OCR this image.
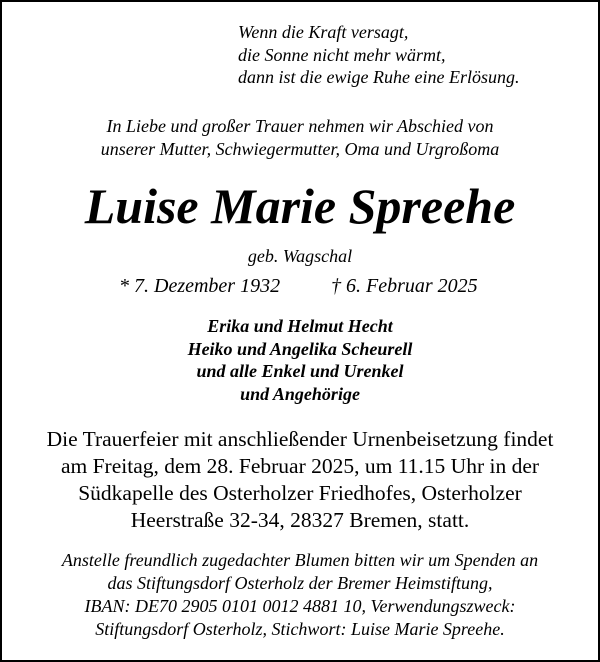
Wenn die Kraft versagt,
die Sonne nicht mehr wärmt,
dann ist die ewige Ruhe eine Erlösung.
In Liebe und großer Trauer nehmen wir Abschied von
unserer Mutter, Schwiegermutter, Oma und Urgroßoma
Luise Marie Spreehe
geb. Wagschal
* 7. Dezember 1932	† 6. Februar 2025
Erika und Helmut Hecht
Heiko und Angelika Scheurell
und alle Enkel und Urenkel
und Angehörige
Die Trauerfeier mit anschließender Urnenbeisetzung findet
am Freitag, dem 28. Februar 2025, um 11.15 Uhr in der
Südkapelle des Osterholzer Friedhofes, Osterholzer
Heerstraße 32-34, 28327 Bremen, statt.
Anstelle freundlich zugedachter Blumen bitten wir um Spenden an
das Stiftungsdorf Osterholz der Bremer Heimstiftung,
IBAN: DE70 2905 0101 0012 4881 10, Verwendungszweck:
Stiftungsdorf Osterholz, Stichwort: Luise Marie Spreehe.
